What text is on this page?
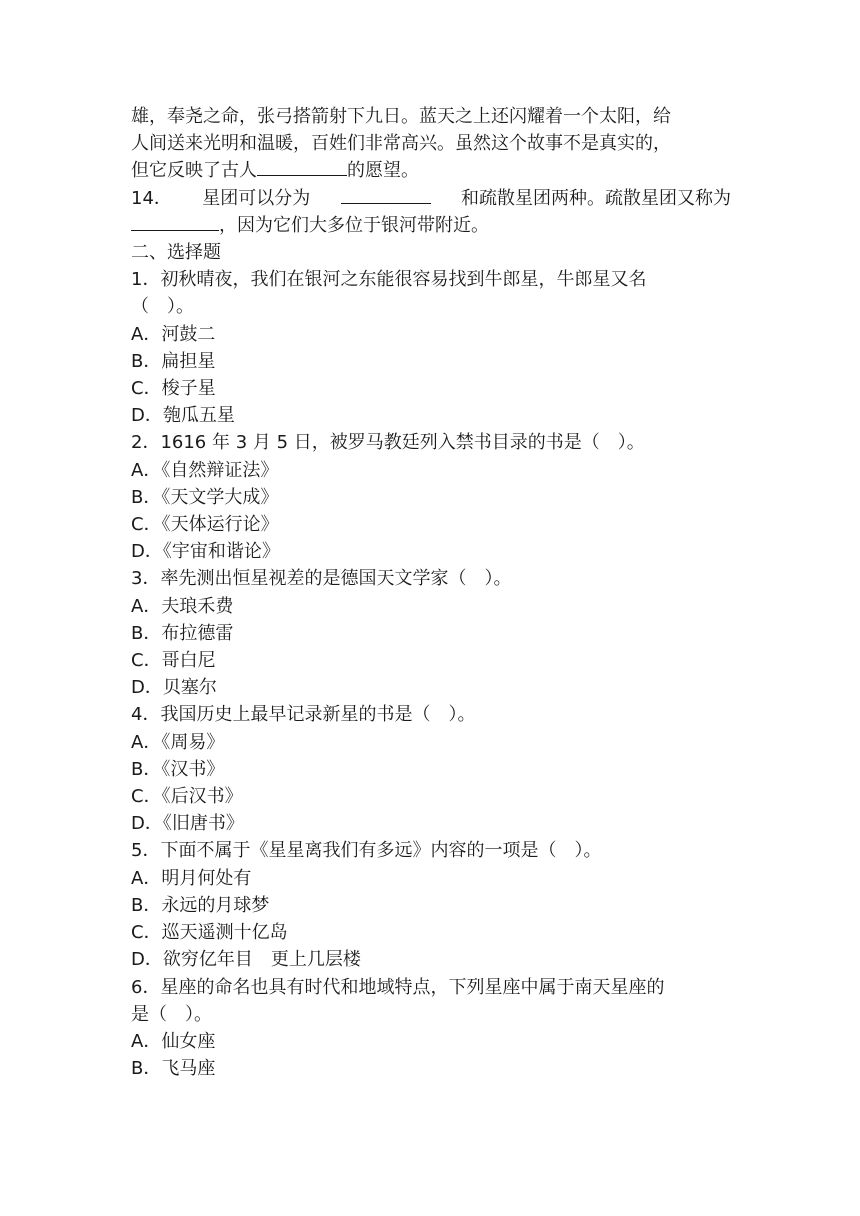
雄，奉尧之命，张弓搭箭射下九日。蓝天之上还闪耀着一个太阳，给

人间送来光明和温暖，百姓们非常高兴。虽然这个故事不是真实的，

但它反映了古人	的愿望。

14． 星团可以分为	和疏散星团两种。疏散星团又称为

，因为它们大多位于银河带附近。

二、选择题

1．初秋晴夜，我们在银河之东能很容易找到牛郎星，牛郎星又名

（　）。

A．河鼓二

B．扁担星

C．梭子星

D．匏瓜五星

2．1616 年 3 月 5 日，被罗马教廷列入禁书目录的书是（　）。

A．《自然辩证法》

B．《天文学大成》

C．《天体运行论》

D．《宇宙和谐论》

3．率先测出恒星视差的是德国天文学家（　）。

A．夫琅禾费

B．布拉德雷

C．哥白尼

D．贝塞尔

4．我国历史上最早记录新星的书是（　）。

A．《周易》

B．《汉书》

C．《后汉书》

D．《旧唐书》

5．下面不属于《星星离我们有多远》内容的一项是（　）。

A．明月何处有

B．永远的月球梦

C．巡天遥测十亿岛

D．欲穷亿年目　更上几层楼

6．星座的命名也具有时代和地域特点，下列星座中属于南天星座的

是（　）。

A．仙女座

B．飞马座
